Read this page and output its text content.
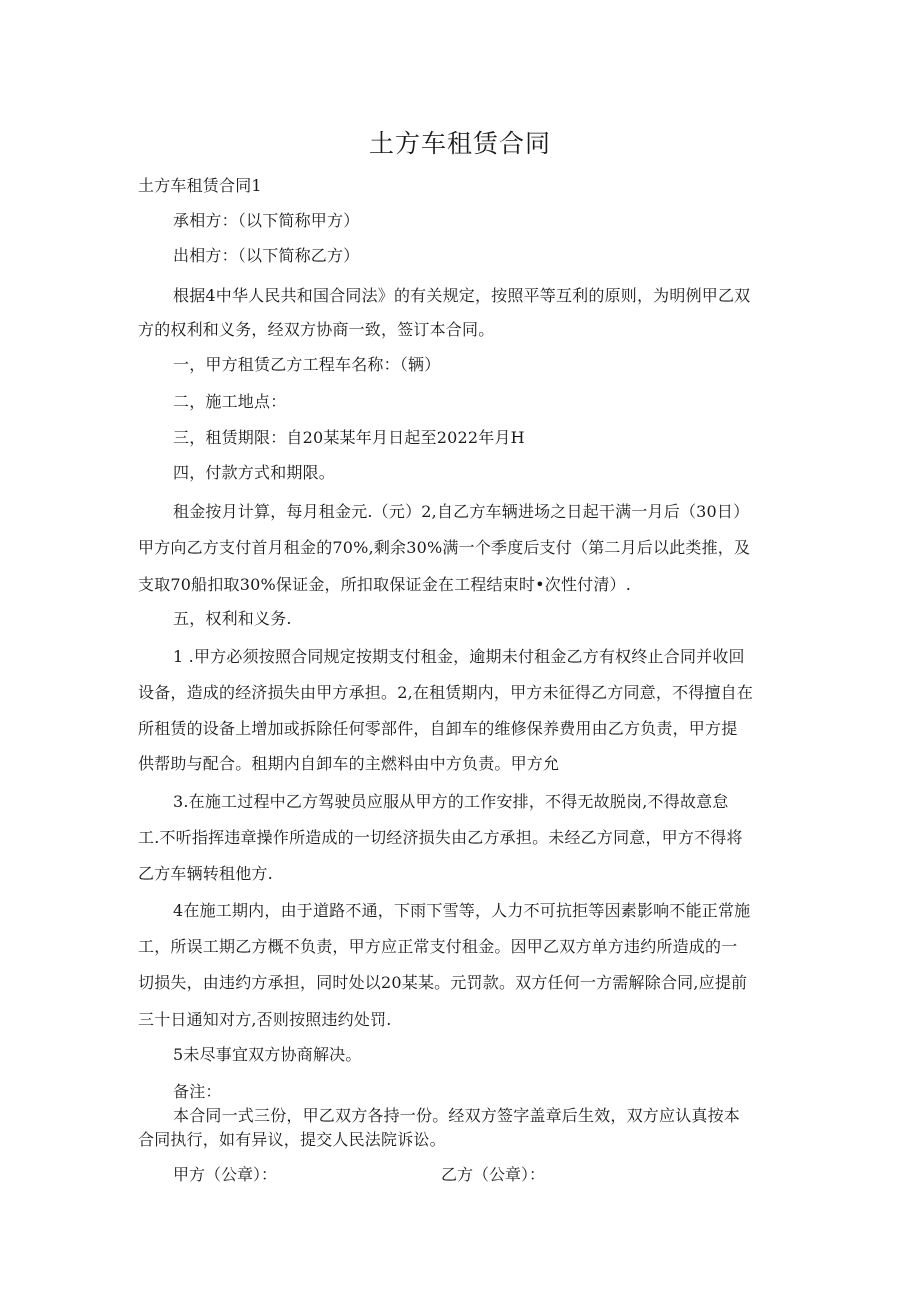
土方车租赁合同
土方车租赁合同1
承相方：（以下简称甲方）
出相方：（以下简称乙方）
根据4中华人民共和国合同法》的有关规定，按照平等互利的原则，为明例甲乙双
方的权利和义务，经双方协商一致，签订本合同。
一，甲方租赁乙方工程车名称：（辆）
二，施工地点：
三，租赁期限：自20某某年月日起至2022年月H
四，付款方式和期限。
租金按月计算，每月租金元.（元）2,自乙方车辆进场之日起干满一月后（30日）
甲方向乙方支付首月租金的70%,剩余30%满一个季度后支付（第二月后以此类推，及
支取70船扣取30%保证金，所扣取保证金在工程结束时•次性付清）.
五，权利和义务.
1 .甲方必须按照合同规定按期支付租金，逾期未付租金乙方有权终止合同并收回
设备，造成的经济损失由甲方承担。2,在租赁期内，甲方未征得乙方同意，不得擅自在
所租赁的设备上增加或拆除任何零部件，自卸车的维修保养费用由乙方负责，甲方提
供帮助与配合。租期内自卸车的主燃料由中方负责。甲方允
3.在施工过程中乙方驾驶员应服从甲方的工作安排，不得无故脱岗,不得故意怠
工.不听指挥违章操作所造成的一切经济损失由乙方承担。未经乙方同意，甲方不得将
乙方车辆转租他方.
4在施工期内，由于道路不通，下雨下雪等，人力不可抗拒等因素影响不能正常施
工，所误工期乙方概不负责，甲方应正常支付租金。因甲乙双方单方违约所造成的一
切损失，由违约方承担，同时处以20某某。元罚款。双方任何一方需解除合同,应提前
三十日通知对方,否则按照违约处罚.
5未尽事宜双方协商解决。
备注：
本合同一式三份，甲乙双方各持一份。经双方签字盖章后生效，双方应认真按本
合同执行，如有异议，提交人民法院诉讼。
甲方（公章）：	乙方（公章）：
